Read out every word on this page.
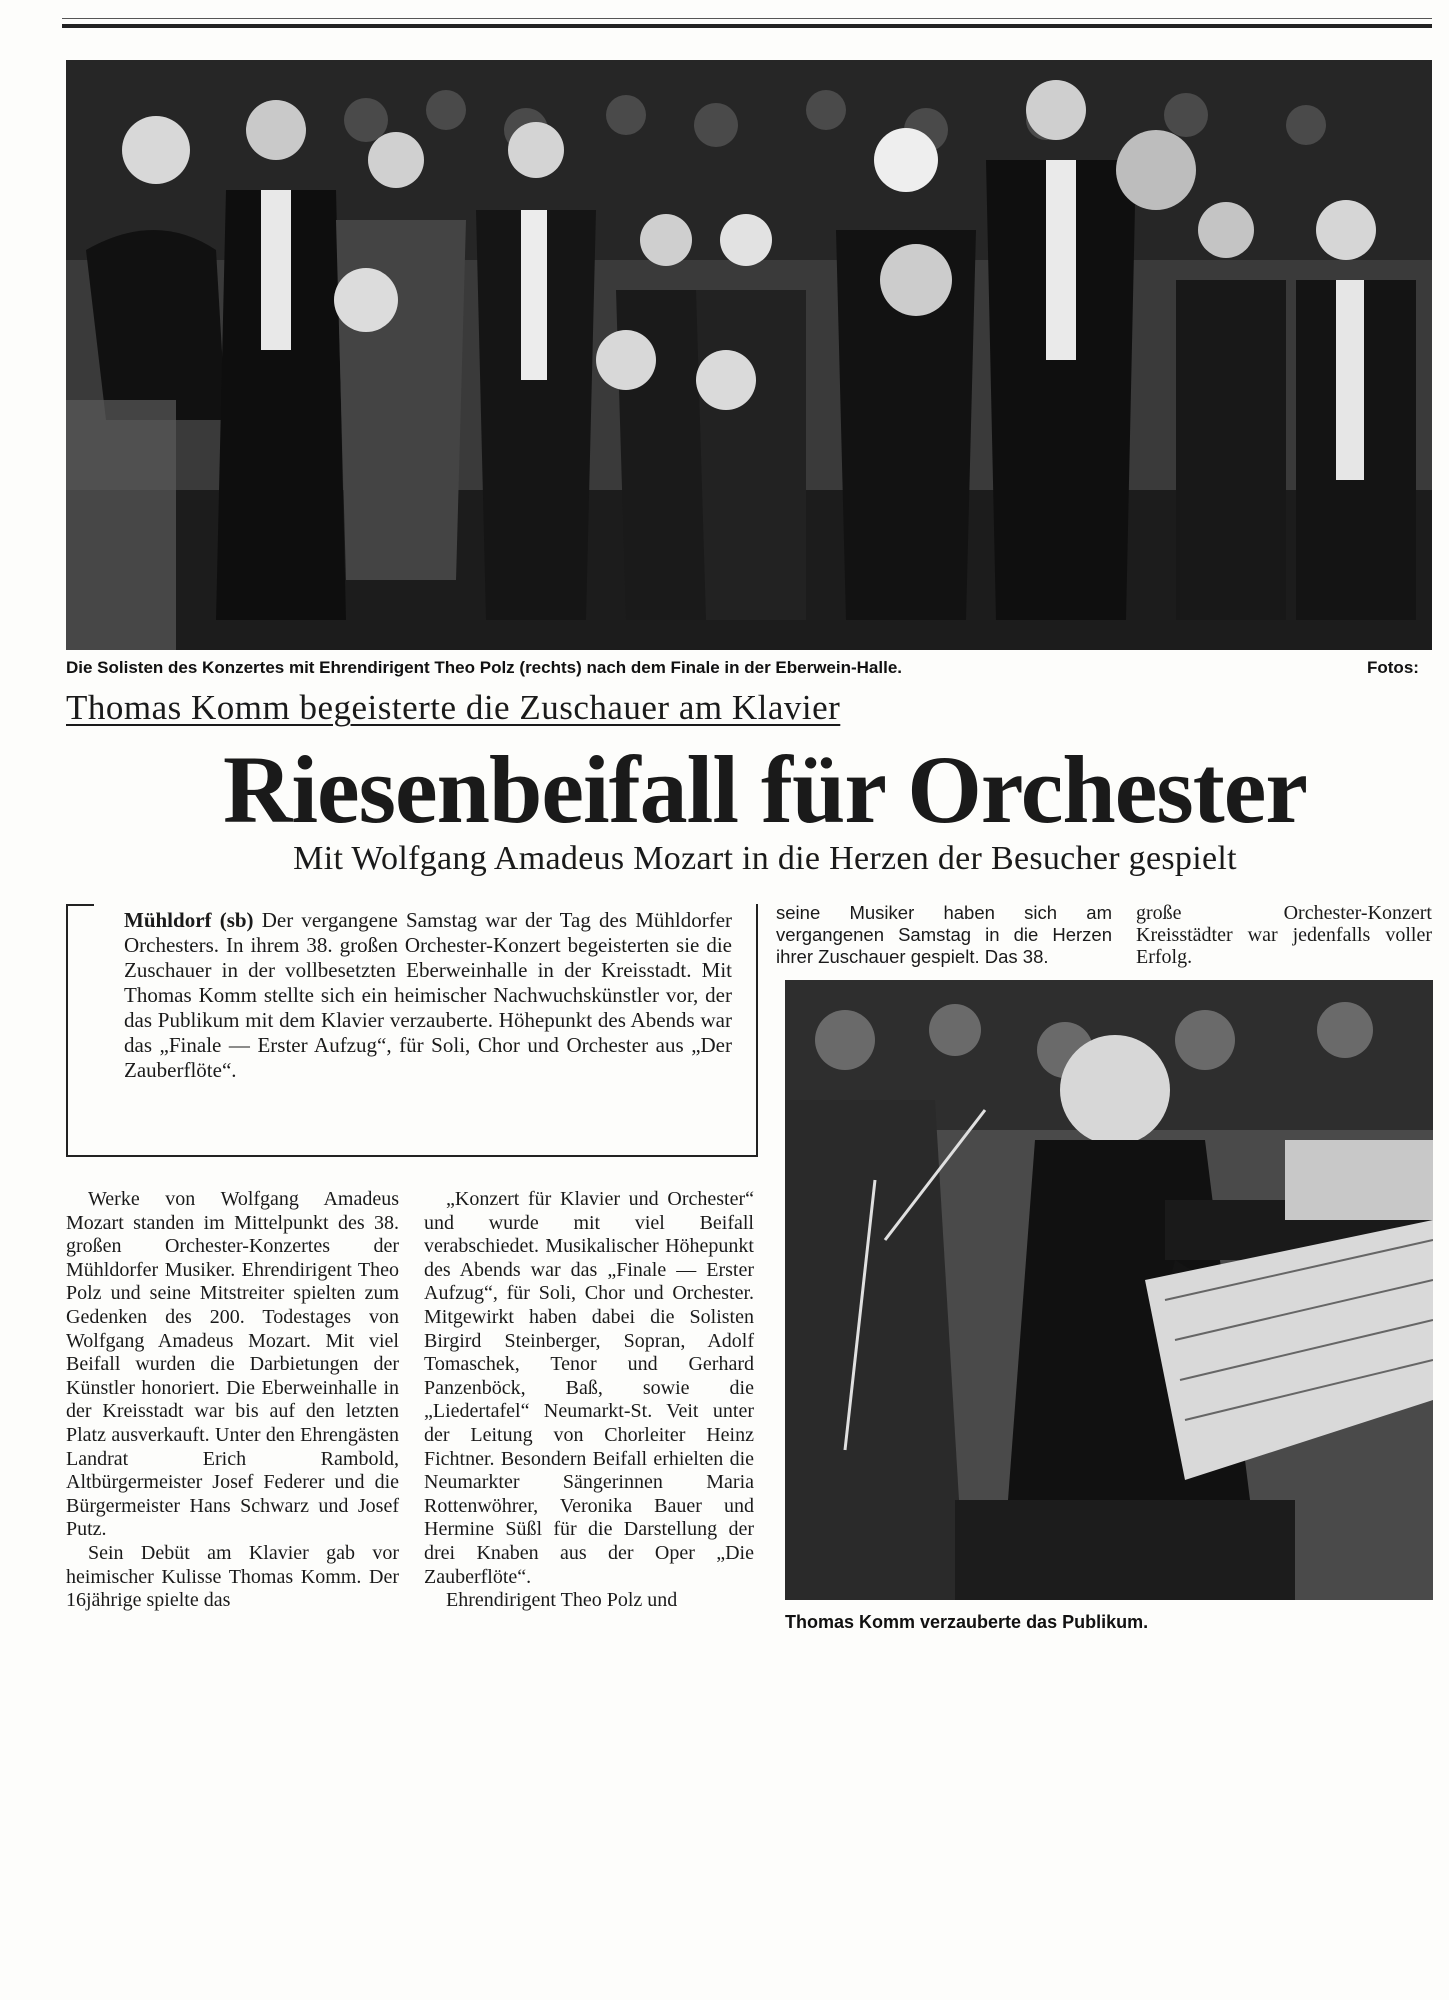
Die Solisten des Konzertes mit Ehrendirigent Theo Polz (rechts) nach dem Finale in der Eberwein-Halle.	Fotos:
Thomas Komm begeisterte die Zuschauer am Klavier
Riesenbeifall für Orchester
Mit Wolfgang Amadeus Mozart in die Herzen der Besucher gespielt
Mühldorf (sb) Der vergangene Samstag war der Tag des Mühldorfer Orchesters. In ihrem 38. großen Orchester-Konzert begeisterten sie die Zuschauer in der vollbesetzten Eberweinhalle in der Kreisstadt. Mit Thomas Komm stellte sich ein heimischer Nachwuchskünstler vor, der das Publikum mit dem Klavier verzauberte. Höhepunkt des Abends war das „Finale — Erster Aufzug“, für Soli, Chor und Orchester aus „Der Zauberflöte“.
Werke von Wolfgang Amadeus Mozart standen im Mittelpunkt des 38. großen Orchester-Konzertes der Mühldorfer Musiker. Ehrendirigent Theo Polz und seine Mitstreiter spielten zum Gedenken des 200. Todestages von Wolfgang Amadeus Mozart. Mit viel Beifall wurden die Darbietungen der Künstler honoriert. Die Eberweinhalle in der Kreisstadt war bis auf den letzten Platz ausverkauft. Unter den Ehrengästen Landrat Erich Rambold, Altbürgermeister Josef Federer und die Bürgermeister Hans Schwarz und Josef Putz.
Sein Debüt am Klavier gab vor heimischer Kulisse Thomas Komm. Der 16jährige spielte das
„Konzert für Klavier und Orchester“ und wurde mit viel Beifall verabschiedet. Musikalischer Höhepunkt des Abends war das „Finale — Erster Aufzug“, für Soli, Chor und Orchester. Mitgewirkt haben dabei die Solisten Birgird Steinberger, Sopran, Adolf Tomaschek, Tenor und Gerhard Panzenböck, Baß, sowie die „Liedertafel“ Neumarkt-St. Veit unter der Leitung von Chorleiter Heinz Fichtner. Besondern Beifall erhielten die Neumarkter Sängerinnen Maria Rottenwöhrer, Veronika Bauer und Hermine Süßl für die Darstellung der drei Knaben aus der Oper „Die Zauberflöte“.
Ehrendirigent Theo Polz und
seine Musiker haben sich am vergangenen Samstag in die Herzen ihrer Zuschauer gespielt. Das 38.
große Orchester-Konzert Kreisstädter war jedenfalls voller Erfolg.
Thomas Komm verzauberte das Publikum.
